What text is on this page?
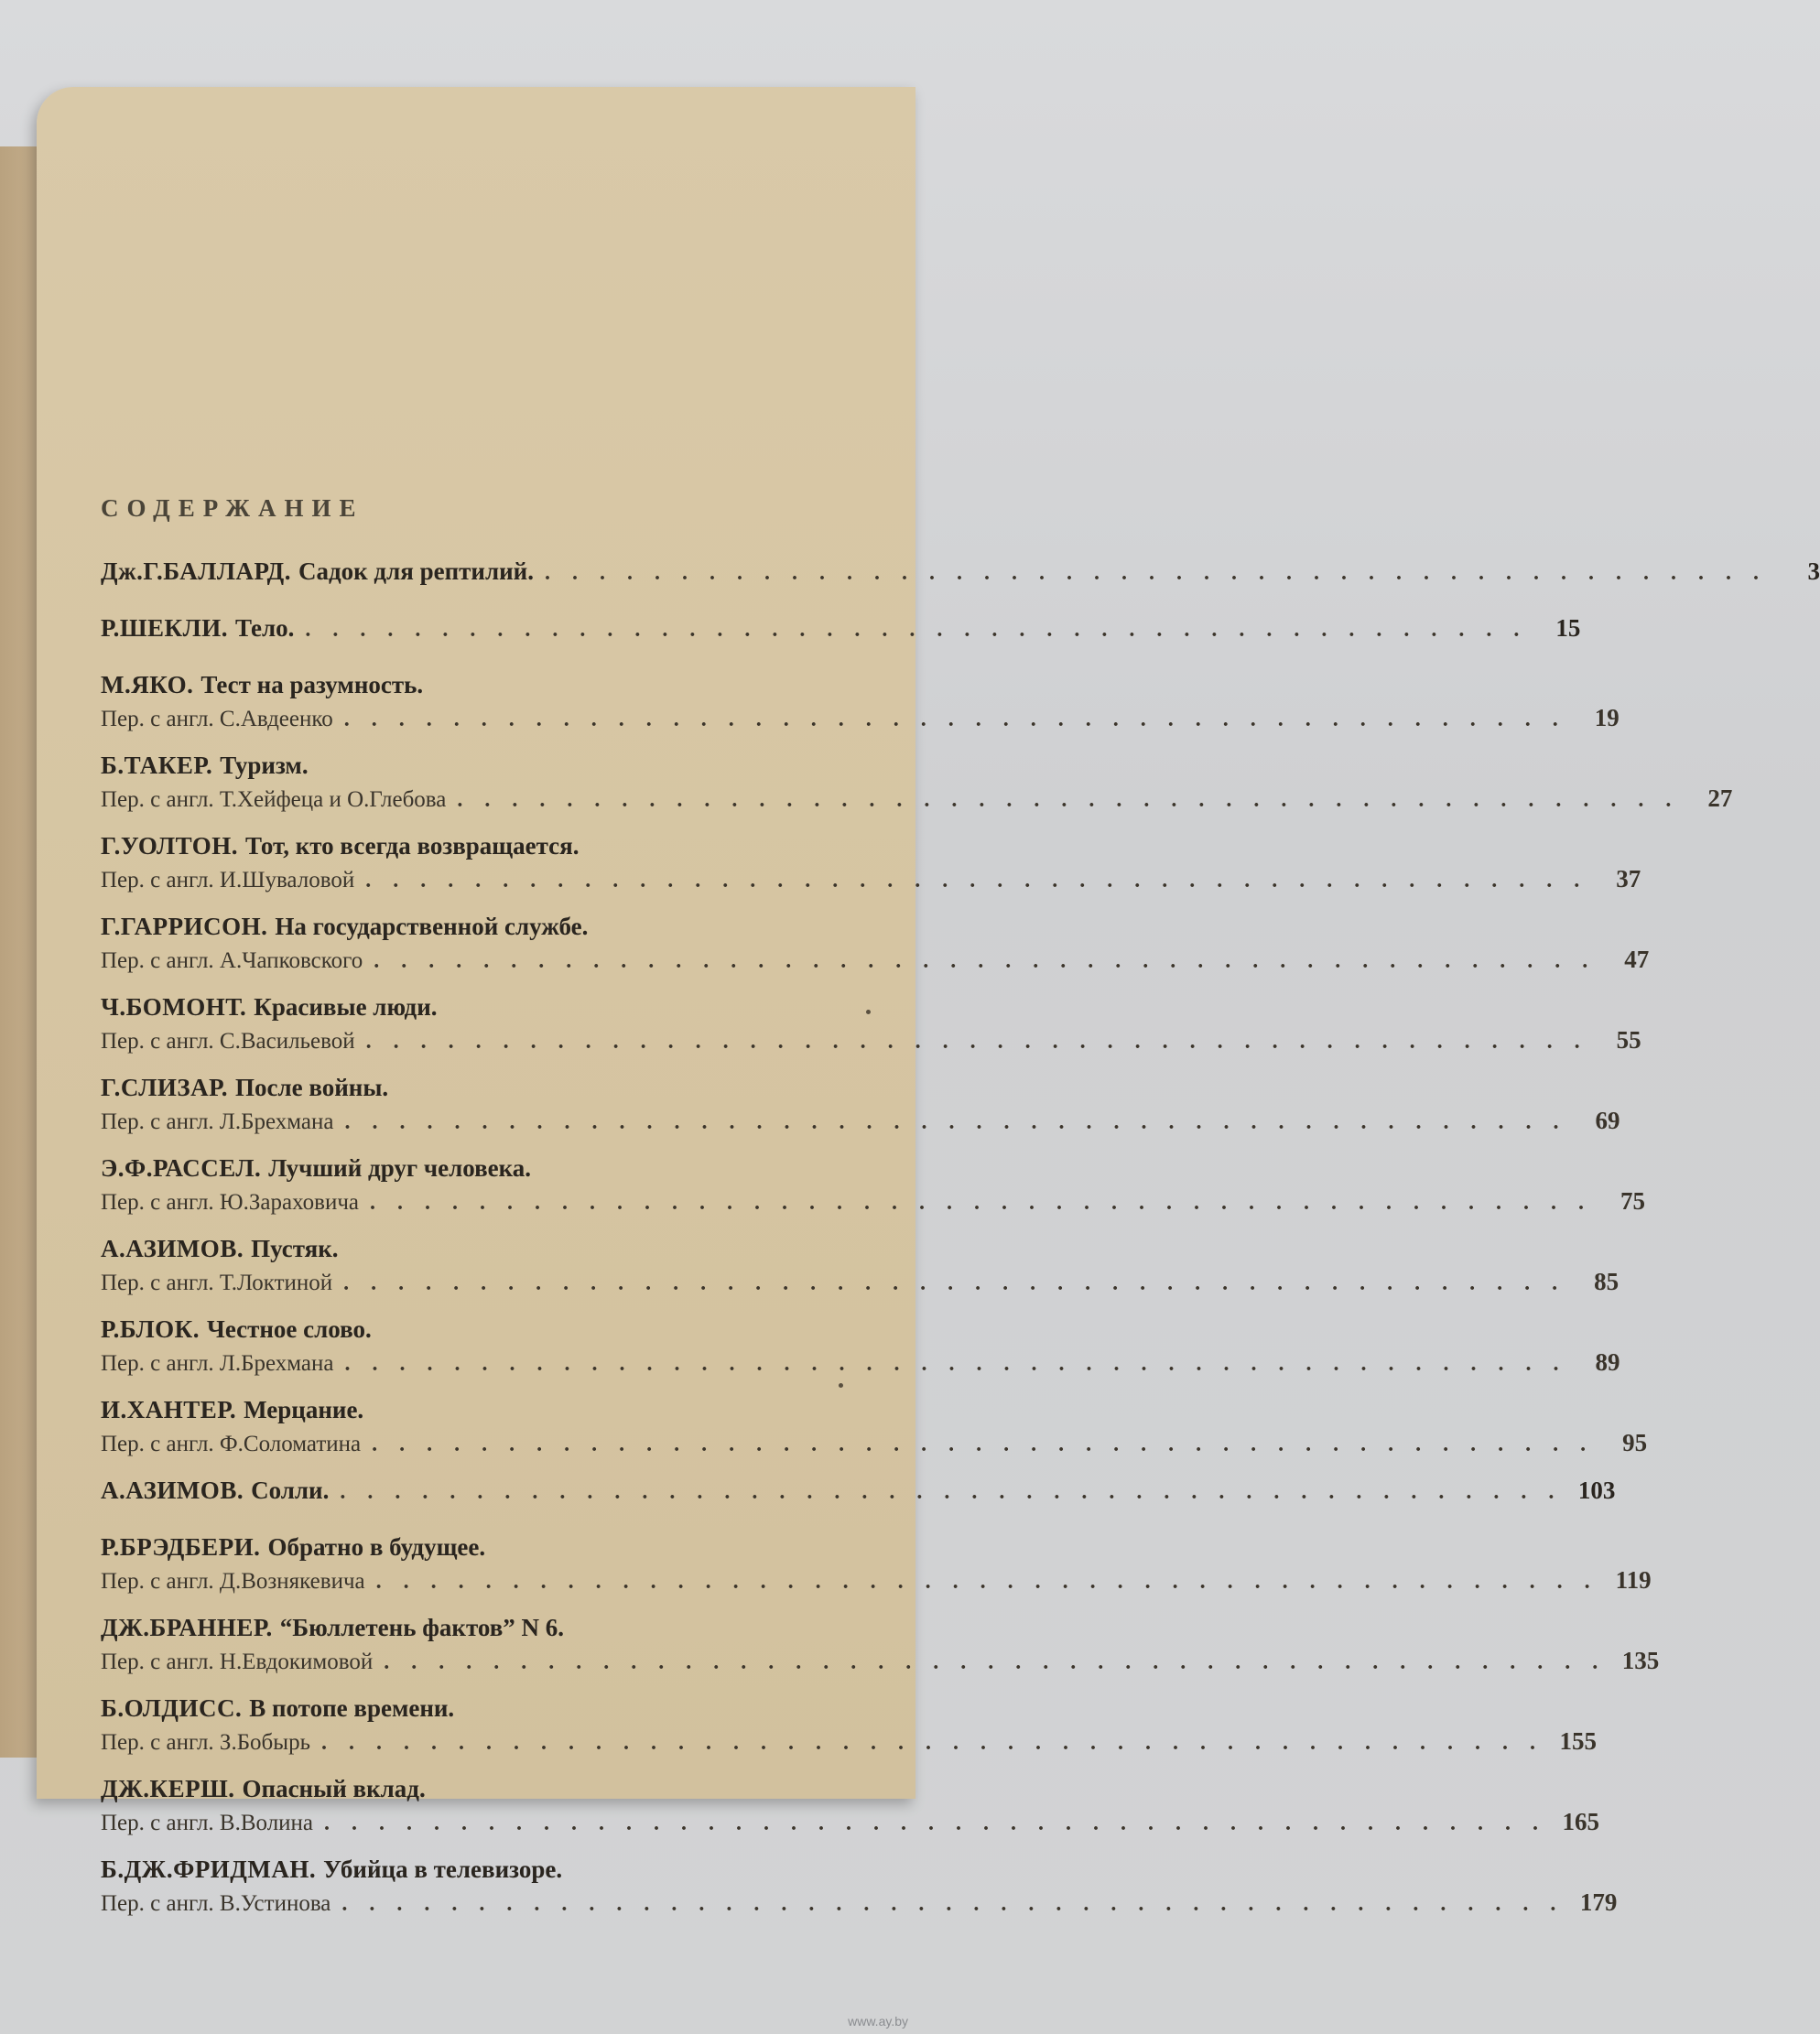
СОДЕРЖАНИЕ
Дж.Г.БАЛЛАРД. Садок для рептилий. . . . . . . . . . . . . . . . . . . . . . . . . . . . . . . . . . . . . . . . . . . . . .	3
Р.ШЕКЛИ. Тело. . . . . . . . . . . . . . . . . . . . . . . . . . . . . . . . . . . . . . . . . . . . . .	15
М.ЯКО. Тест на разумность.
Пер. с англ. С.Авдеенко . . . . . . . . . . . . . . . . . . . . . . . . . . . . . . . . . . . . . . . . . . . . .	19
Б.ТАКЕР. Туризм.
Пер. с англ. Т.Хейфеца и О.Глебова . . . . . . . . . . . . . . . . . . . . . . . . . . . . . . . . . . . . . . . . . . . . .	27
Г.УОЛТОН. Тот, кто всегда возвращается.
Пер. с англ. И.Шуваловой . . . . . . . . . . . . . . . . . . . . . . . . . . . . . . . . . . . . . . . . . . . . .	37
Г.ГАРРИСОН. На государственной службе.
Пер. с англ. А.Чапковского . . . . . . . . . . . . . . . . . . . . . . . . . . . . . . . . . . . . . . . . . . . . .	47
Ч.БОМОНТ. Красивые люди.
Пер. с англ. С.Васильевой . . . . . . . . . . . . . . . . . . . . . . . . . . . . . . . . . . . . . . . . . . . . .	55
Г.СЛИЗАР. После войны.
Пер. с англ. Л.Брехмана . . . . . . . . . . . . . . . . . . . . . . . . . . . . . . . . . . . . . . . . . . . . .	69
Э.Ф.РАССЕЛ. Лучший друг человека.
Пер. с англ. Ю.Зараховича . . . . . . . . . . . . . . . . . . . . . . . . . . . . . . . . . . . . . . . . . . . . .	75
А.АЗИМОВ. Пустяк.
Пер. с англ. Т.Локтиной . . . . . . . . . . . . . . . . . . . . . . . . . . . . . . . . . . . . . . . . . . . . .	85
Р.БЛОК. Честное слово.
Пер. с англ. Л.Брехмана . . . . . . . . . . . . . . . . . . . . . . . . . . . . . . . . . . . . . . . . . . . . .	89
И.ХАНТЕР. Мерцание.
Пер. с англ. Ф.Соломатина . . . . . . . . . . . . . . . . . . . . . . . . . . . . . . . . . . . . . . . . . . . . .	95
А.АЗИМОВ. Солли. . . . . . . . . . . . . . . . . . . . . . . . . . . . . . . . . . . . . . . . . . . . . . 103
Р.БРЭДБЕРИ. Обратно в будущее.
Пер. с англ. Д.Вознякевича . . . . . . . . . . . . . . . . . . . . . . . . . . . . . . . . . . . . . . . . . . . . . 119
ДЖ.БРАННЕР. “Бюллетень фактов” N 6.
Пер. с англ. Н.Евдокимовой . . . . . . . . . . . . . . . . . . . . . . . . . . . . . . . . . . . . . . . . . . . . . 135
Б.ОЛДИСС. В потопе времени.
Пер. с англ. З.Бобырь . . . . . . . . . . . . . . . . . . . . . . . . . . . . . . . . . . . . . . . . . . . . . 155
ДЖ.КЕРШ. Опасный вклад.
Пер. с англ. В.Волина . . . . . . . . . . . . . . . . . . . . . . . . . . . . . . . . . . . . . . . . . . . . . 165
Б.ДЖ.ФРИДМАН. Убийца в телевизоре.
Пер. с англ. В.Устинова . . . . . . . . . . . . . . . . . . . . . . . . . . . . . . . . . . . . . . . . . . . . . 179
www.ay.by
